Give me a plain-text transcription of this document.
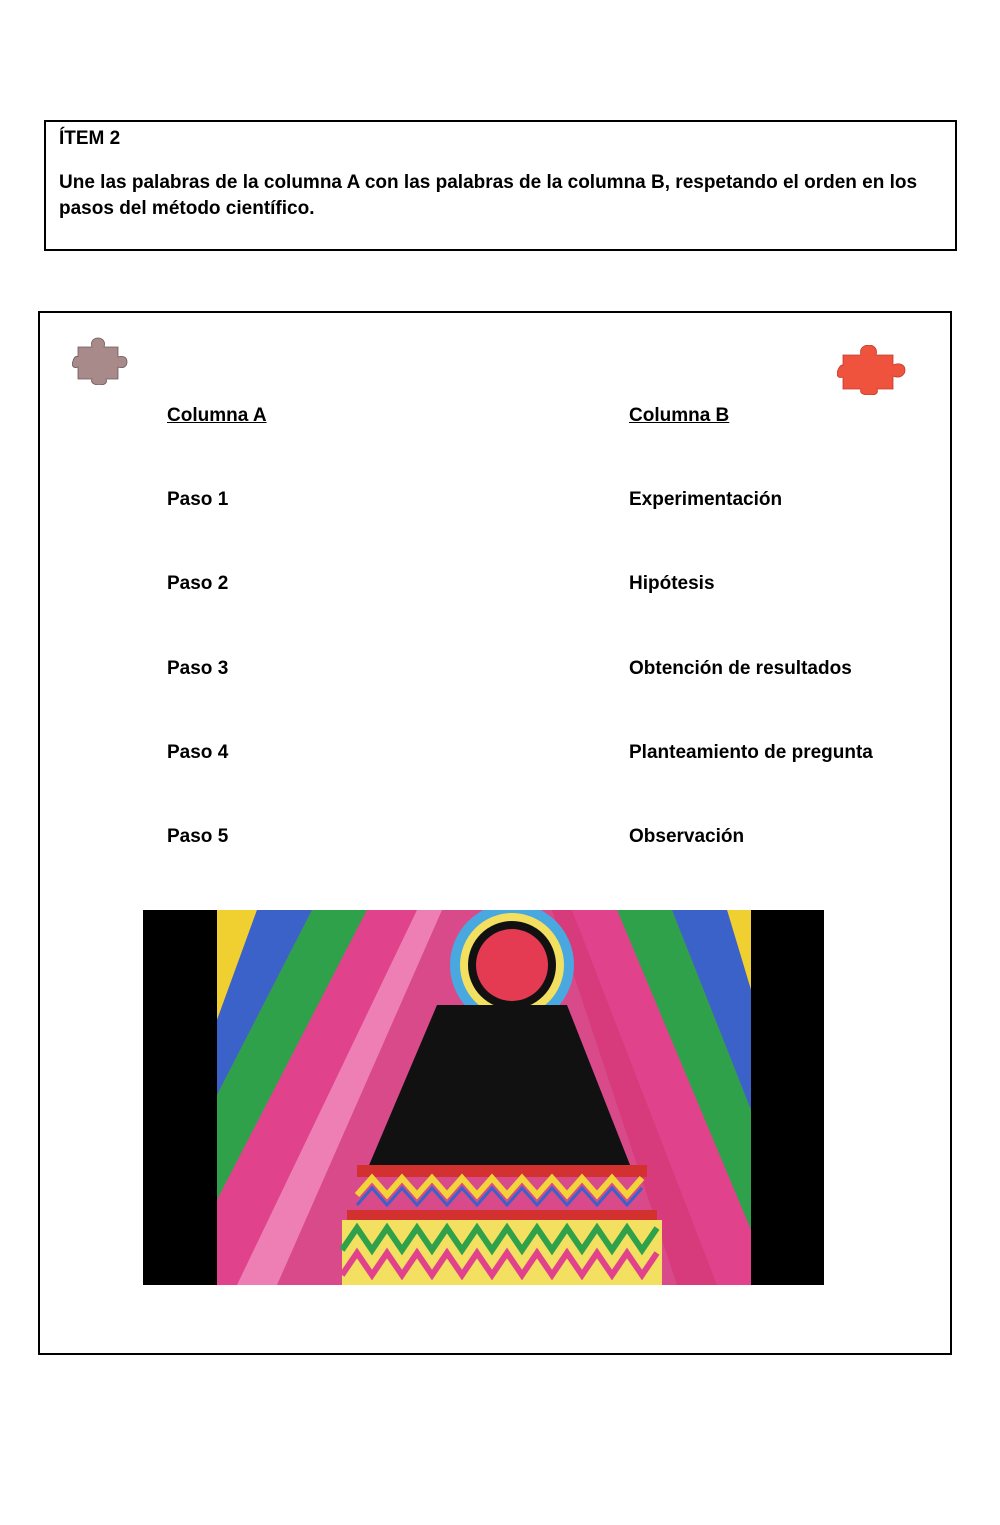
ÍTEM 2

Une las palabras de la columna A con las palabras de la columna B, respetando el orden en los pasos del método científico.

Columna A	Columna B
Paso 1
Paso 2
Paso 3
Paso 4
Paso 5
Experimentación
Hipótesis
Obtención de resultados
Planteamiento de pregunta
Observación
